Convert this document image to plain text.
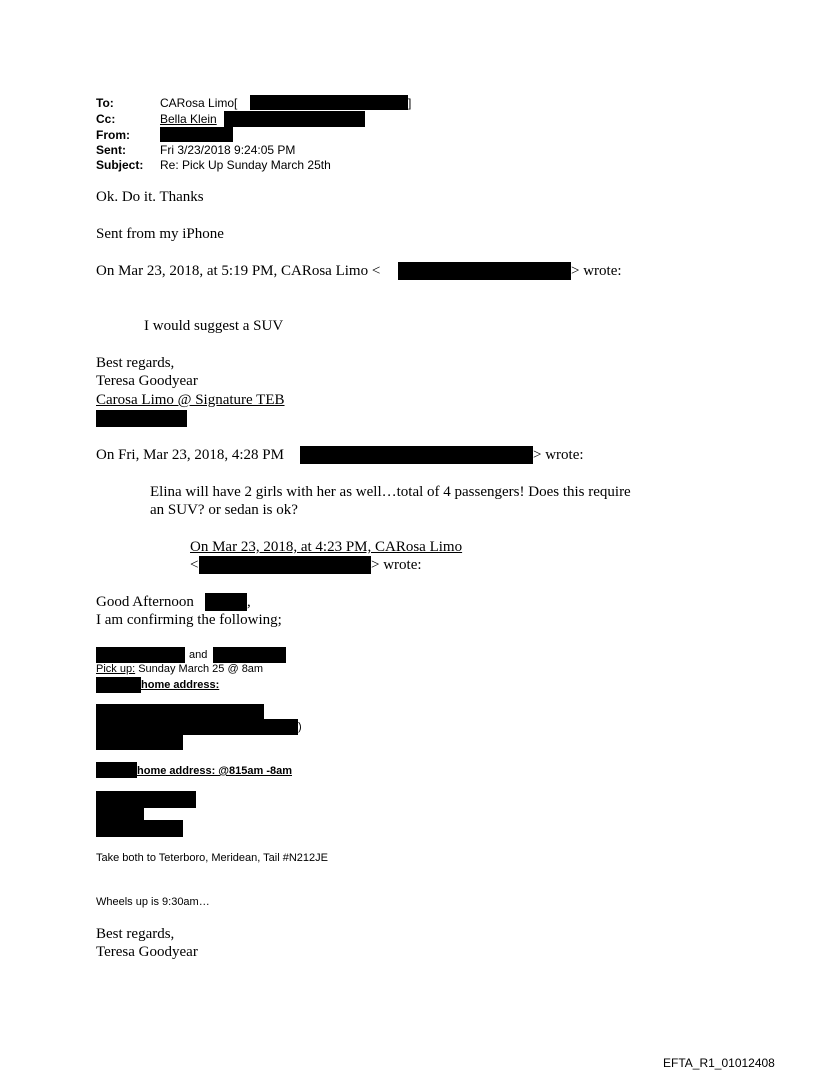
To:	CARosa Limo[	]
Cc:	Bella Klein
From:
Sent:	Fri 3/23/2018 9:24:05 PM
Subject: Re: Pick Up Sunday March 25th
Ok. Do it. Thanks
Sent from my iPhone
On Mar 23, 2018, at 5:19 PM, CARosa Limo <	> wrote:
I would suggest a SUV
Best regards,
Teresa Goodyear
Carosa Limo @ Signature TEB
On Fri, Mar 23, 2018, 4:28 PM	> wrote:
Elina will have 2 girls with her as well…total of 4 passengers! Does this require
an SUV? or sedan is ok?
On Mar 23, 2018, at 4:23 PM, CARosa Limo
<	> wrote:
Good Afternoon	,
I am confirming the following;
and
Pick up: Sunday March 25 @ 8am
home address:
)
home address: @815am -8am
Take both to Teterboro, Meridean, Tail #N212JE
Wheels up is 9:30am…
Best regards,
Teresa Goodyear
EFTA_R1_01012408
